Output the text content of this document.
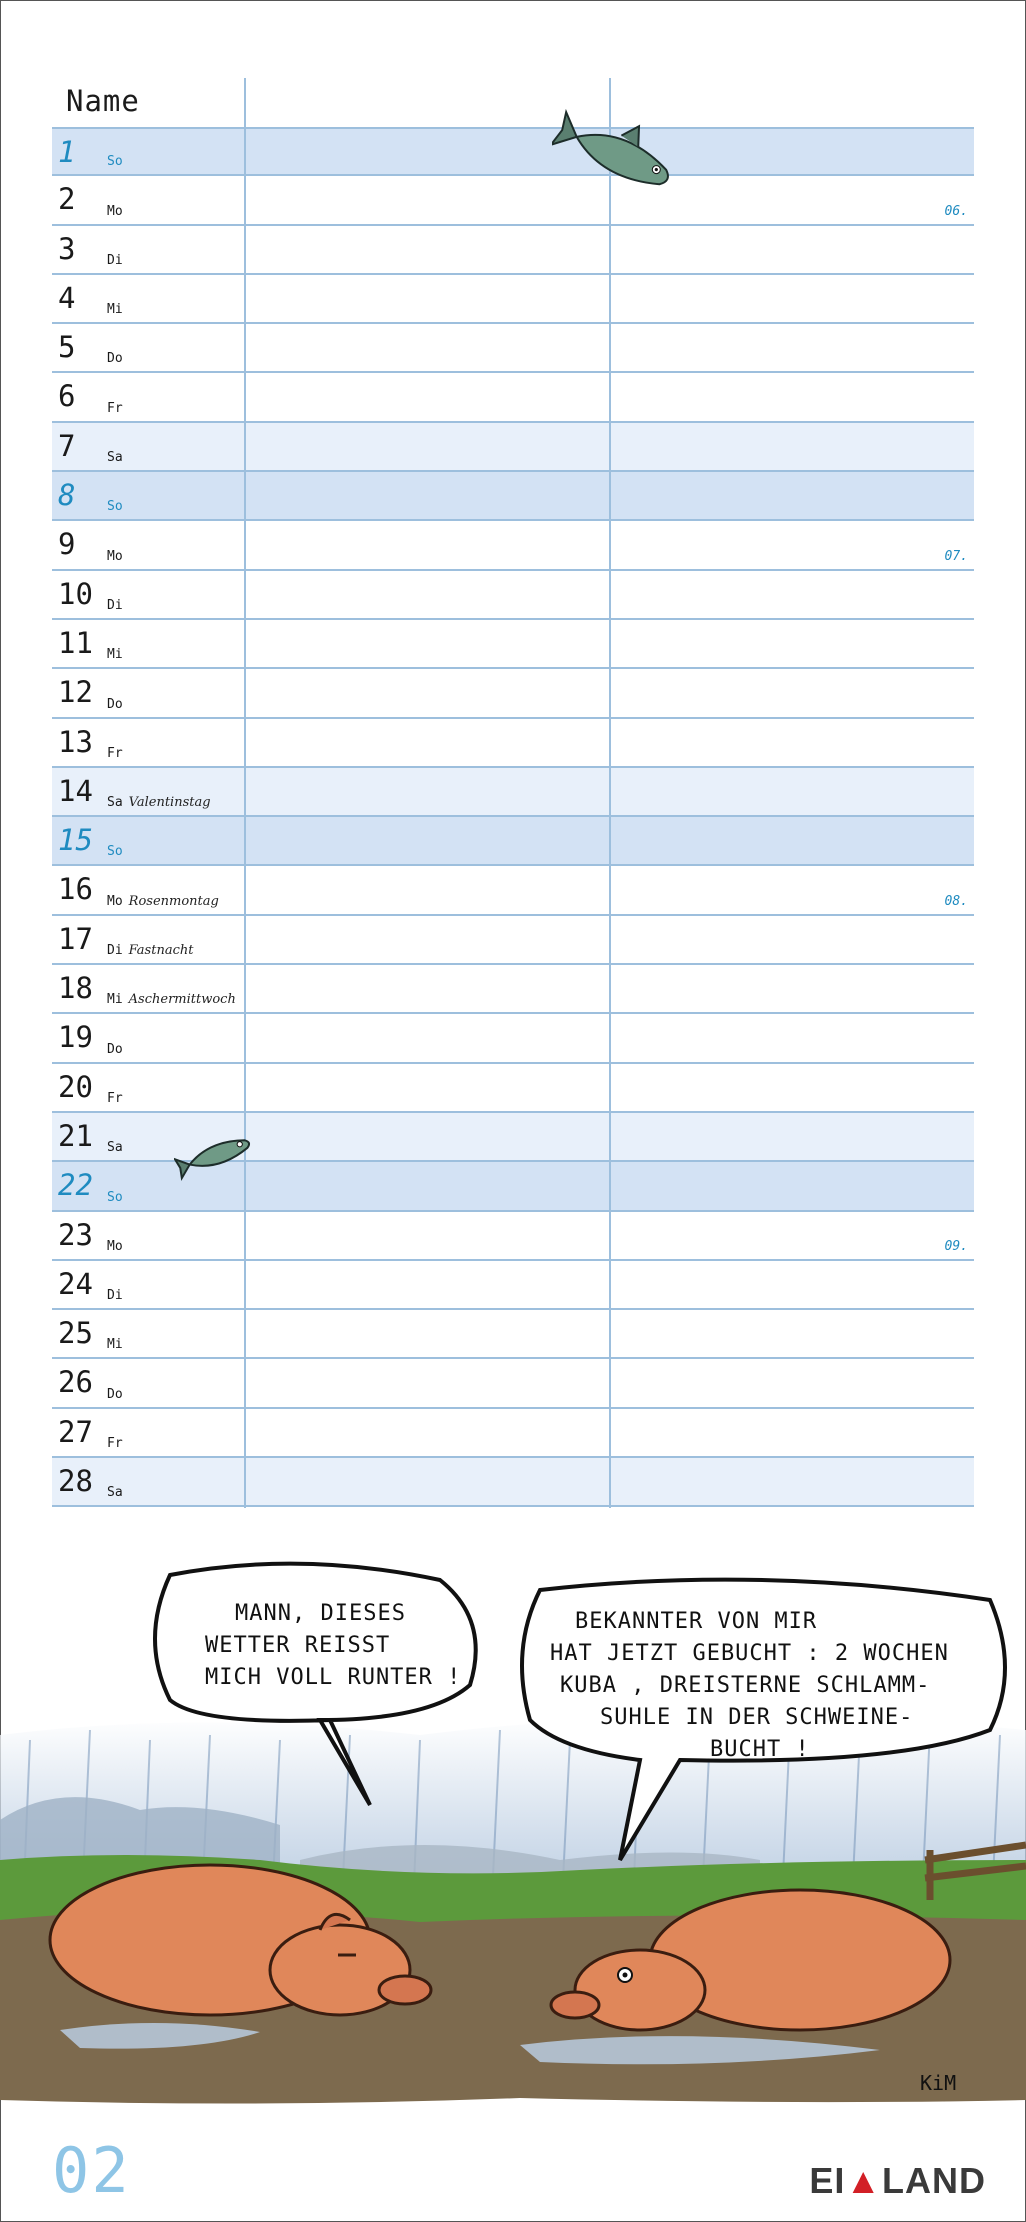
Name
1 So
2 Mo	06.
3 Di
4 Mi
5 Do
6 Fr
7 Sa
8 So
9 Mo	07.
10 Di
11 Mi
12 Do
13 Fr
14 Sa Valentinstag
15 So
16 Mo Rosenmontag	08.
17 Di Fastnacht
18 Mi Aschermittwoch
19 Do
20 Fr
21 Sa
22 So
23 Mo	09.
24 Di
25 Mi
26 Do
27 Fr
28 Sa
MANN, DIESES WETTER REISST MICH VOLL RUNTER !
BEKANNTER VON MIR HAT JETZT GEBUCHT : 2 WOCHEN KUBA , DREISTERNE SCHLAMM- SUHLE IN DER SCHWEINE- BUCHT !
KiM
02	EI▲LAND
